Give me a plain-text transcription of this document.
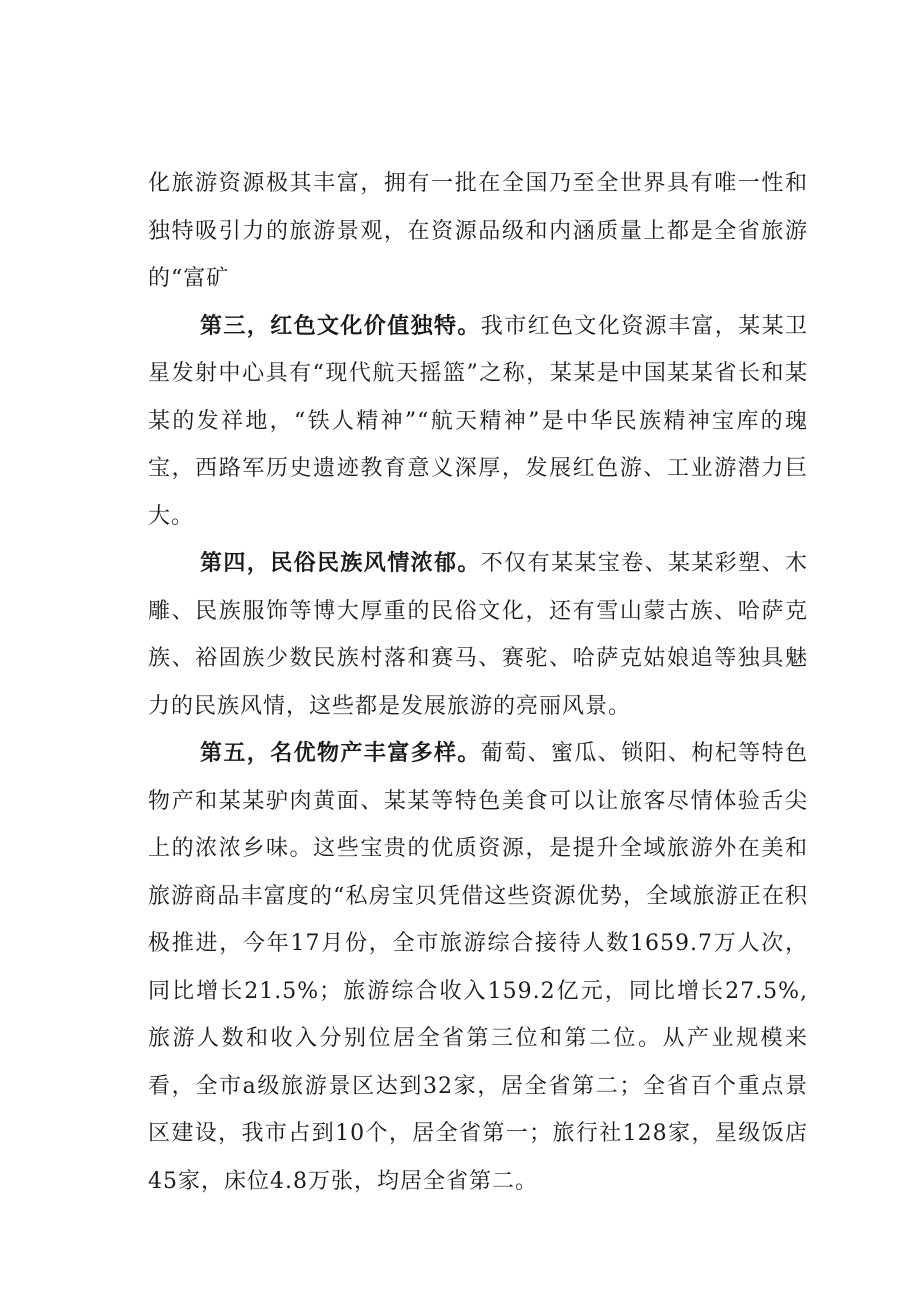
化旅游资源极其丰富，拥有一批在全国乃至全世界具有唯一性和独特吸引力的旅游景观，在资源品级和内涵质量上都是全省旅游的“富矿

第三，红色文化价值独特。我市红色文化资源丰富，某某卫星发射中心具有“现代航天摇篮”之称，某某是中国某某省长和某某的发祥地，“铁人精神”“航天精神”是中华民族精神宝库的瑰宝，西路军历史遗迹教育意义深厚，发展红色游、工业游潜力巨大。

第四，民俗民族风情浓郁。不仅有某某宝卷、某某彩塑、木雕、民族服饰等博大厚重的民俗文化，还有雪山蒙古族、哈萨克族、裕固族少数民族村落和赛马、赛驼、哈萨克姑娘追等独具魅力的民族风情，这些都是发展旅游的亮丽风景。

第五，名优物产丰富多样。葡萄、蜜瓜、锁阳、枸杞等特色物产和某某驴肉黄面、某某等特色美食可以让旅客尽情体验舌尖上的浓浓乡味。这些宝贵的优质资源，是提升全域旅游外在美和旅游商品丰富度的“私房宝贝凭借这些资源优势，全域旅游正在积极推进，今年17月份，全市旅游综合接待人数1659.7万人次，同比增长21.5%；旅游综合收入159.2亿元，同比增长27.5%,旅游人数和收入分别位居全省第三位和第二位。从产业规模来看，全市a级旅游景区达到32家，居全省第二；全省百个重点景区建设，我市占到10个，居全省第一；旅行社128家，星级饭店45家，床位4.8万张，均居全省第二。
